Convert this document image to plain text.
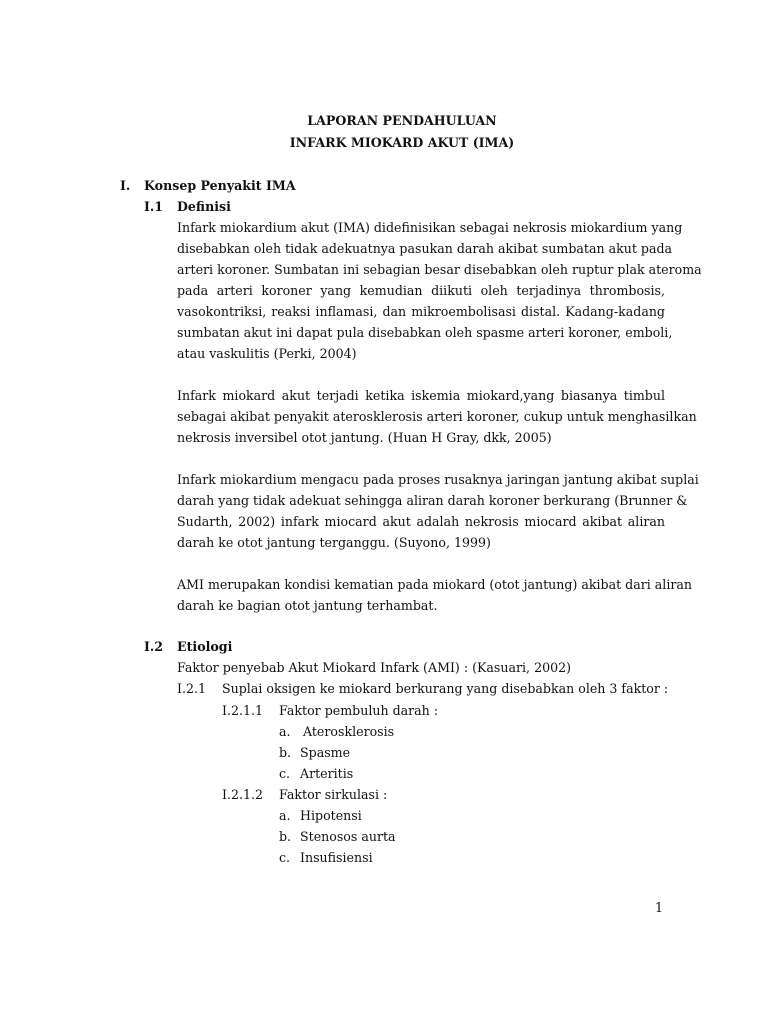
LAPORAN PENDAHULUAN
INFARK MIOKARD AKUT (IMA)
I. Konsep Penyakit IMA
I.1 Definisi
Infark miokardium akut (IMA) didefinisikan sebagai nekrosis miokardium yang
disebabkan oleh tidak adekuatnya pasukan darah akibat sumbatan akut pada
arteri koroner. Sumbatan ini sebagian besar disebabkan oleh ruptur plak ateroma
pada arteri koroner yang kemudian diikuti oleh terjadinya thrombosis,
vasokontriksi, reaksi inflamasi, dan mikroembolisasi distal. Kadang-kadang
sumbatan akut ini dapat pula disebabkan oleh spasme arteri koroner, emboli,
atau vaskulitis (Perki, 2004)
Infark miokard akut terjadi ketika iskemia miokard,yang biasanya timbul
sebagai akibat penyakit aterosklerosis arteri koroner, cukup untuk menghasilkan
nekrosis inversibel otot jantung. (Huan H Gray, dkk, 2005)
Infark miokardium mengacu pada proses rusaknya jaringan jantung akibat suplai
darah yang tidak adekuat sehingga aliran darah koroner berkurang (Brunner &
Sudarth, 2002) infark miocard akut adalah nekrosis miocard akibat aliran
darah ke otot jantung terganggu. (Suyono, 1999)
AMI merupakan kondisi kematian pada miokard (otot jantung) akibat dari aliran
darah ke bagian otot jantung terhambat.
I.2 Etiologi
Faktor penyebab Akut Miokard Infark (AMI) : (Kasuari, 2002)
I.2.1 Suplai oksigen ke miokard berkurang yang disebabkan oleh 3 faktor :
I.2.1.1 Faktor pembuluh darah :
a. Aterosklerosis
b. Spasme
c. Arteritis
I.2.1.2 Faktor sirkulasi :
a. Hipotensi
b. Stenosos aurta
c. Insufisiensi
1
